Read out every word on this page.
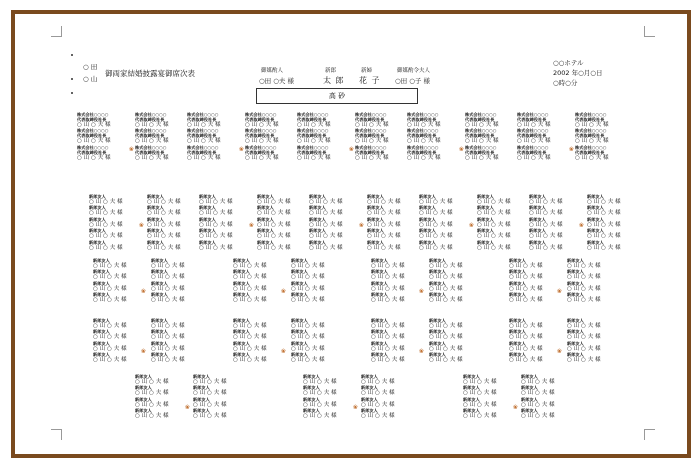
○ 田
○ 山
御両家結婚披露宴御席次表	御媒酌人
○田 ○夫 様
新郎
太 郎
新婦
花 子
御媒酌令夫人
○田 ○子 様
○○ホテル
2002 年○月○日
○時○分
高 砂
株式会社○○○○
代表取締役社長
○ 山 ○ 夫 様
株式会社○○○○
代表取締役社長
○ 山 ○ 夫 様
株式会社○○○○
代表取締役社長
○ 山 ○ 夫 様
株式会社○○○○
代表取締役社長
○ 山 ○ 夫 様
株式会社○○○○
代表取締役社長
○ 山 ○ 夫 様
株式会社○○○○
代表取締役社長
○ 山 ○ 夫 様
❀
株式会社○○○○
代表取締役社長
○ 山 ○ 夫 様
株式会社○○○○
代表取締役社長
○ 山 ○ 夫 様
株式会社○○○○
代表取締役社長
○ 山 ○ 夫 様
株式会社○○○○
代表取締役社長
○ 山 ○ 夫 様
株式会社○○○○
代表取締役社長
○ 山 ○ 夫 様
株式会社○○○○
代表取締役社長
○ 山 ○ 夫 様
❀
株式会社○○○○
代表取締役社長
○ 山 ○ 夫 様
株式会社○○○○
代表取締役社長
○ 山 ○ 夫 様
株式会社○○○○
代表取締役社長
○ 山 ○ 夫 様
株式会社○○○○
代表取締役社長
○ 山 ○ 夫 様
株式会社○○○○
代表取締役社長
○ 山 ○ 夫 様
株式会社○○○○
代表取締役社長
○ 山 ○ 夫 様
❀
株式会社○○○○
代表取締役社長
○ 山 ○ 夫 様
株式会社○○○○
代表取締役社長
○ 山 ○ 夫 様
株式会社○○○○
代表取締役社長
○ 山 ○ 夫 様
株式会社○○○○
代表取締役社長
○ 山 ○ 夫 様
株式会社○○○○
代表取締役社長
○ 山 ○ 夫 様
株式会社○○○○
代表取締役社長
○ 山 ○ 夫 様
❀
株式会社○○○○
代表取締役社長
○ 山 ○ 夫 様
株式会社○○○○
代表取締役社長
○ 山 ○ 夫 様
株式会社○○○○
代表取締役社長
○ 山 ○ 夫 様
株式会社○○○○
代表取締役社長
○ 山 ○ 夫 様
株式会社○○○○
代表取締役社長
○ 山 ○ 夫 様
株式会社○○○○
代表取締役社長
○ 山 ○ 夫 様
❀
新郎友人
○ 山 ○ 夫 様
新郎友人
○ 山 ○ 夫 様
新郎友人
○ 山 ○ 夫 様
新郎友人
○ 山 ○ 夫 様
新郎友人
○ 山 ○ 夫 様
新郎友人
○ 山 ○ 夫 様
新郎友人
○ 山 ○ 夫 様
新郎友人
○ 山 ○ 夫 様
新郎友人
○ 山 ○ 夫 様
新郎友人
○ 山 ○ 夫 様
❀
新郎友人
○ 山 ○ 夫 様
新郎友人
○ 山 ○ 夫 様
新郎友人
○ 山 ○ 夫 様
新郎友人
○ 山 ○ 夫 様
新郎友人
○ 山 ○ 夫 様
新郎友人
○ 山 ○ 夫 様
新郎友人
○ 山 ○ 夫 様
新郎友人
○ 山 ○ 夫 様
新郎友人
○ 山 ○ 夫 様
新郎友人
○ 山 ○ 夫 様
❀
新郎友人
○ 山 ○ 夫 様
新郎友人
○ 山 ○ 夫 様
新郎友人
○ 山 ○ 夫 様
新郎友人
○ 山 ○ 夫 様
新郎友人
○ 山 ○ 夫 様
新郎友人
○ 山 ○ 夫 様
新郎友人
○ 山 ○ 夫 様
新郎友人
○ 山 ○ 夫 様
新郎友人
○ 山 ○ 夫 様
新郎友人
○ 山 ○ 夫 様
❀
新郎友人
○ 山 ○ 夫 様
新郎友人
○ 山 ○ 夫 様
新郎友人
○ 山 ○ 夫 様
新郎友人
○ 山 ○ 夫 様
新郎友人
○ 山 ○ 夫 様
新郎友人
○ 山 ○ 夫 様
新郎友人
○ 山 ○ 夫 様
新郎友人
○ 山 ○ 夫 様
新郎友人
○ 山 ○ 夫 様
新郎友人
○ 山 ○ 夫 様
❀
新郎友人
○ 山 ○ 夫 様
新郎友人
○ 山 ○ 夫 様
新郎友人
○ 山 ○ 夫 様
新郎友人
○ 山 ○ 夫 様
新郎友人
○ 山 ○ 夫 様
新郎友人
○ 山 ○ 夫 様
新郎友人
○ 山 ○ 夫 様
新郎友人
○ 山 ○ 夫 様
新郎友人
○ 山 ○ 夫 様
新郎友人
○ 山 ○ 夫 様
❀
新郎友人
○ 山 ○ 夫 様
新郎友人
○ 山 ○ 夫 様
新郎友人
○ 山 ○ 夫 様
新郎友人
○ 山 ○ 夫 様
新郎友人
○ 山 ○ 夫 様
新郎友人
○ 山 ○ 夫 様
新郎友人
○ 山 ○ 夫 様
新郎友人
○ 山 ○ 夫 様
❀
新郎友人
○ 山 ○ 夫 様
新郎友人
○ 山 ○ 夫 様
新郎友人
○ 山 ○ 夫 様
新郎友人
○ 山 ○ 夫 様
新郎友人
○ 山 ○ 夫 様
新郎友人
○ 山 ○ 夫 様
新郎友人
○ 山 ○ 夫 様
新郎友人
○ 山 ○ 夫 様
❀
新郎友人
○ 山 ○ 夫 様
新郎友人
○ 山 ○ 夫 様
新郎友人
○ 山 ○ 夫 様
新郎友人
○ 山 ○ 夫 様
新郎友人
○ 山 ○ 夫 様
新郎友人
○ 山 ○ 夫 様
新郎友人
○ 山 ○ 夫 様
新郎友人
○ 山 ○ 夫 様
❀
新郎友人
○ 山 ○ 夫 様
新郎友人
○ 山 ○ 夫 様
新郎友人
○ 山 ○ 夫 様
新郎友人
○ 山 ○ 夫 様
新郎友人
○ 山 ○ 夫 様
新郎友人
○ 山 ○ 夫 様
新郎友人
○ 山 ○ 夫 様
新郎友人
○ 山 ○ 夫 様
❀
新郎友人
○ 山 ○ 夫 様
新郎友人
○ 山 ○ 夫 様
新郎友人
○ 山 ○ 夫 様
新郎友人
○ 山 ○ 夫 様
新郎友人
○ 山 ○ 夫 様
新郎友人
○ 山 ○ 夫 様
新郎友人
○ 山 ○ 夫 様
新郎友人
○ 山 ○ 夫 様
❀
新郎友人
○ 山 ○ 夫 様
新郎友人
○ 山 ○ 夫 様
新郎友人
○ 山 ○ 夫 様
新郎友人
○ 山 ○ 夫 様
新郎友人
○ 山 ○ 夫 様
新郎友人
○ 山 ○ 夫 様
新郎友人
○ 山 ○ 夫 様
新郎友人
○ 山 ○ 夫 様
❀
新郎友人
○ 山 ○ 夫 様
新郎友人
○ 山 ○ 夫 様
新郎友人
○ 山 ○ 夫 様
新郎友人
○ 山 ○ 夫 様
新郎友人
○ 山 ○ 夫 様
新郎友人
○ 山 ○ 夫 様
新郎友人
○ 山 ○ 夫 様
新郎友人
○ 山 ○ 夫 様
❀
新郎友人
○ 山 ○ 夫 様
新郎友人
○ 山 ○ 夫 様
新郎友人
○ 山 ○ 夫 様
新郎友人
○ 山 ○ 夫 様
新郎友人
○ 山 ○ 夫 様
新郎友人
○ 山 ○ 夫 様
新郎友人
○ 山 ○ 夫 様
新郎友人
○ 山 ○ 夫 様
❀
新郎友人
○ 山 ○ 夫 様
新郎友人
○ 山 ○ 夫 様
新郎友人
○ 山 ○ 夫 様
新郎友人
○ 山 ○ 夫 様
新郎友人
○ 山 ○ 夫 様
新郎友人
○ 山 ○ 夫 様
新郎友人
○ 山 ○ 夫 様
新郎友人
○ 山 ○ 夫 様
❀
新郎友人
○ 山 ○ 夫 様
新郎友人
○ 山 ○ 夫 様
新郎友人
○ 山 ○ 夫 様
新郎友人
○ 山 ○ 夫 様
新郎友人
○ 山 ○ 夫 様
新郎友人
○ 山 ○ 夫 様
新郎友人
○ 山 ○ 夫 様
新郎友人
○ 山 ○ 夫 様
❀
新郎友人
○ 山 ○ 夫 様
新郎友人
○ 山 ○ 夫 様
新郎友人
○ 山 ○ 夫 様
新郎友人
○ 山 ○ 夫 様
新郎友人
○ 山 ○ 夫 様
新郎友人
○ 山 ○ 夫 様
新郎友人
○ 山 ○ 夫 様
新郎友人
○ 山 ○ 夫 様
❀
